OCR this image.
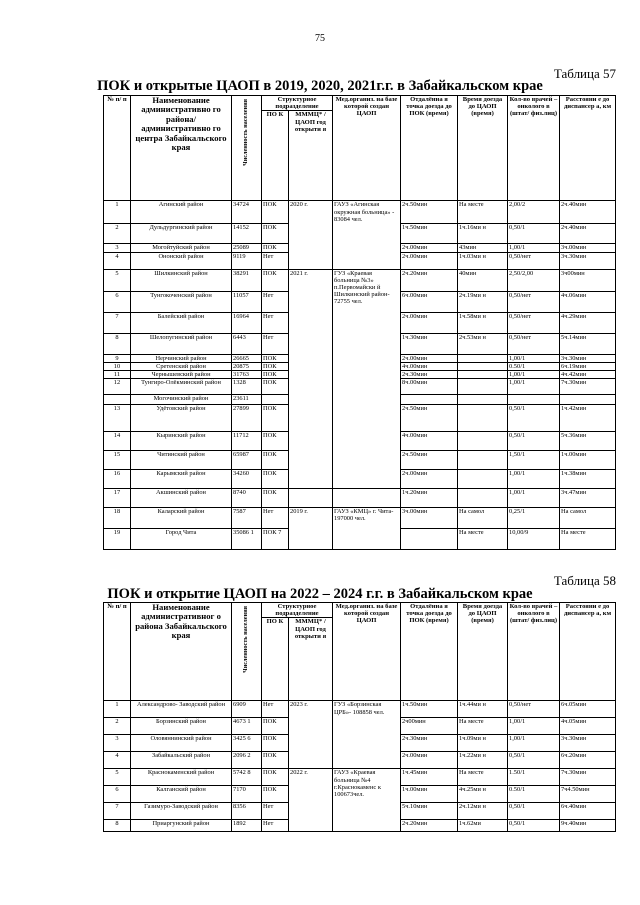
75
Таблица 57
ПОК и открытые ЦАОП в 2019, 2020, 2021г.г. в Забайкальском крае
№ п/ п	Наименование административно го района/ административно го центра Забайкальского края	Численность населения	Структурное подразделение		Мед.организ. на базе которой создан ЦАОП	Отдалённа я точка доезда до ПОК (время)	Время доезда до ЦАОП (время)	Кол-во врачей – онколого в (штат/ физ.лиц)	Расстояни е до диспансер а, км
			ПО К	МММЦ* / ЦАОП год открыти я					
1	Агинский район	34724	ПОК	2020 г.	ГАУЗ «Агинская окружная больница» - 83084 чел.	2ч.50мин	На месте	2,00/2	2ч.40мин
2	Дульдургинский район	14152	ПОК			1ч.50мин	1ч.16ми н	0,50/1	2ч.40мин
3	Могойтуйский район	25089	ПОК			2ч.00мин	43мин	1,00/1	3ч.00мин
4	Ононский район	9119	Нет			2ч.00мин	1ч.03ми н	0,50/нет	3ч.30мин
5	Шилкинский район	38291	ПОК	2021 г.	ГУЗ «Краевая больница №3» п.Первомайски й Шилкинский район- 72755 чел.	2ч.20мин	40мин	2,50/2,00	3ч00мин
6	Тунгокоченский район	11057	Нет			6ч.00мин	2ч.19ми н	0,50/нет	4ч.06мин
7	Балейский район	16964	Нет			2ч.00мин	1ч.58ми н	0,50/нет	4ч.29мин
8	Шелопугинский район	6443	Нет			1ч.30мин	2ч.53ми н	0,50/нет	5ч.14мин
9	Нерчинский район	26665	ПОК			2ч.00мин		1,00/1	3ч.30мин
10	Сретенский район	20875	ПОК			4ч.00мин		0.50/1	6ч.19мин
11	Чернышевский район	31763	ПОК			2ч.30мин		1,00/1	4ч.42мин
12	Тунгиро-Олёкминский район	1328	ПОК			8ч.00мин		1,00/1	7ч.30мин
	Могочинский район	23611							
13	Удётовский район	27899	ПОК			2ч.50мин		0,50/1	1ч.42мин
14	Кыринский район	11712	ПОК			4ч.00мин		0,50/1	5ч.36мин
15	Читинский район	65987	ПОК			2ч.50мин		1,50/1	1ч.00мин
16	Карымский район	34260	ПОК			2ч.00мин		1,00/1	1ч.38мин
17	Акшинский район	8740	ПОК			1ч.20мин		1,00/1	3ч.47мин
18	Каларский район	7587	Нет	2019 г.	ГАУЗ «КМЦ» г. Чита- 197000 чел.	3ч.00мин	На самол	0,25/1	На самол
19	Город Чита	35086 1	ПОК 7				На месте	10,00/9	На месте
Таблица 58
ПОК и открытие ЦАОП на 2022 – 2024 г.г. в Забайкальском крае
№ п/ п	Наименование административног о района Забайкальского края	Численность населения	Структурное подразделение		Мед.организ. на базе которой создан ЦАОП	Отдалённа я точка доезда до ПОК (время)	Время доезда до ЦАОП (время)	Кол-во врачей – онколого в (штат/ физ.лиц)	Расстояни е до диспансер а, км
			ПО К	МММЦ* / ЦАОП год открыти я					
1	Александрово- Заводский район	6909	Нет	2023 г.	ГУЗ «Борзинская ЦРБ»- 108858 чел.	1ч.50мин	1ч.44ми н	0,50/нет	6ч.05мин
2	Борзинский район	4673 1	ПОК			2ч00мин	На месте	1,00/1	4ч.05мин
3	Оловяннинский район	3425 6	ПОК			2ч.30мин	1ч.09ми н	1,00/1	3ч.30мин
4	Забайкальский район	2096 2	ПОК			2ч.00мин	1ч.22ми н	0,50/1	6ч.20мин
5	Краснокаменский район	5742 8	ПОК	2022 г.	ГАУЗ «Краевая больница №4 г.Краснокаменс к 100673чел.	1ч.45мин	На месте	1.50/1	7ч.30мин
6	Калганский район	7170	ПОК			1ч.00мин	4ч.25ми н	0.50/1	7ч4.50мин
7	Газимуро-Заводский район	8356	Нет			5ч.10мин	2ч.12ми н	0,50/1	6ч.40мин
8	Приаргунский район	1892	Нет			2ч.20мин	1ч.62ми	0,50/1	9ч.40мин
